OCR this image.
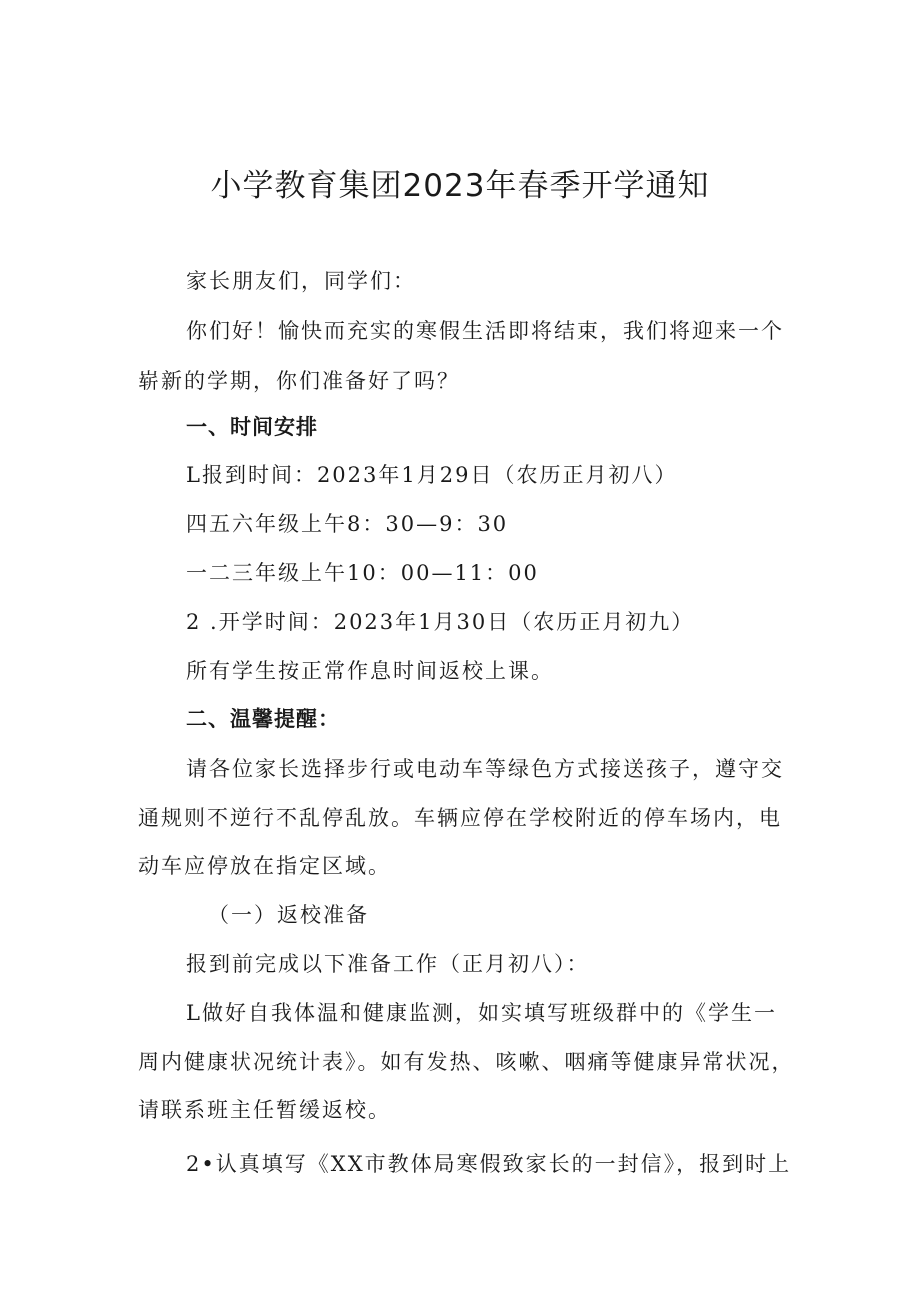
小学教育集团2023年春季开学通知

家长朋友们，同学们：

你们好！愉快而充实的寒假生活即将结束，我们将迎来一个

崭新的学期，你们准备好了吗？

一、时间安排

L报到时间：2023年1月29日（农历正月初八）

四五六年级上午8：30—9：30

一二三年级上午10：00—11：00

2 .开学时间：2023年1月30日（农历正月初九）

所有学生按正常作息时间返校上课。

二、温馨提醒：

请各位家长选择步行或电动车等绿色方式接送孩子，遵守交

通规则不逆行不乱停乱放。车辆应停在学校附近的停车场内，电

动车应停放在指定区域。

（一）返校准备

报到前完成以下准备工作（正月初八）：

L做好自我体温和健康监测，如实填写班级群中的《学生一

周内健康状况统计表》。如有发热、咳嗽、咽痛等健康异常状况，

请联系班主任暂缓返校。

2•认真填写《XX市教体局寒假致家长的一封信》，报到时上
